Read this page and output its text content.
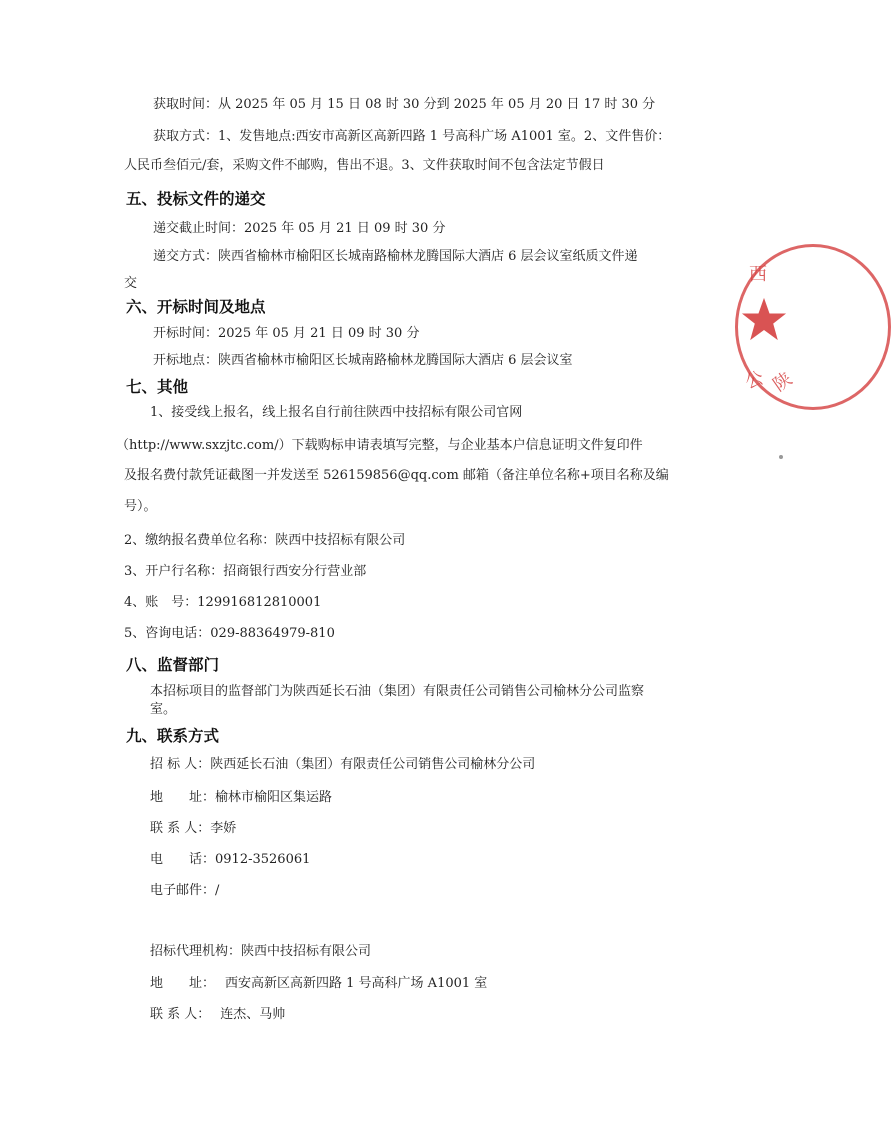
获取时间：从 2025 年 05 月 15 日 08 时 30 分到 2025 年 05 月 20 日 17 时 30 分
获取方式：1、发售地点:西安市高新区高新四路 1 号高科广场 A1001 室。2、文件售价：
人民币叁佰元/套，采购文件不邮购，售出不退。3、文件获取时间不包含法定节假日
五、投标文件的递交
递交截止时间：2025 年 05 月 21 日 09 时 30 分
递交方式：陕西省榆林市榆阳区长城南路榆林龙腾国际大酒店 6 层会议室纸质文件递
交
六、开标时间及地点
开标时间：2025 年 05 月 21 日 09 时 30 分
开标地点：陕西省榆林市榆阳区长城南路榆林龙腾国际大酒店 6 层会议室
七、其他
1、接受线上报名，线上报名自行前往陕西中技招标有限公司官网
（http://www.sxzjtc.com/）下载购标申请表填写完整，与企业基本户信息证明文件复印件
及报名费付款凭证截图一并发送至 526159856@qq.com 邮箱（备注单位名称+项目名称及编
号）。
2、缴纳报名费单位名称：陕西中技招标有限公司
3、开户行名称：招商银行西安分行营业部
4、账　号：129916812810001
5、咨询电话：029-88364979-810
八、监督部门
本招标项目的监督部门为陕西延长石油（集团）有限责任公司销售公司榆林分公司监察
室。
九、联系方式
招 标 人：陕西延长石油（集团）有限责任公司销售公司榆林分公司
地　　址：榆林市榆阳区集运路
联 系 人：李娇
电　　话：0912-3526061
电子邮件：/
招标代理机构：陕西中技招标有限公司
地　　址： 西安高新区高新四路 1 号高科广场 A1001 室
联 系 人： 连杰、马帅
西
公 陕
